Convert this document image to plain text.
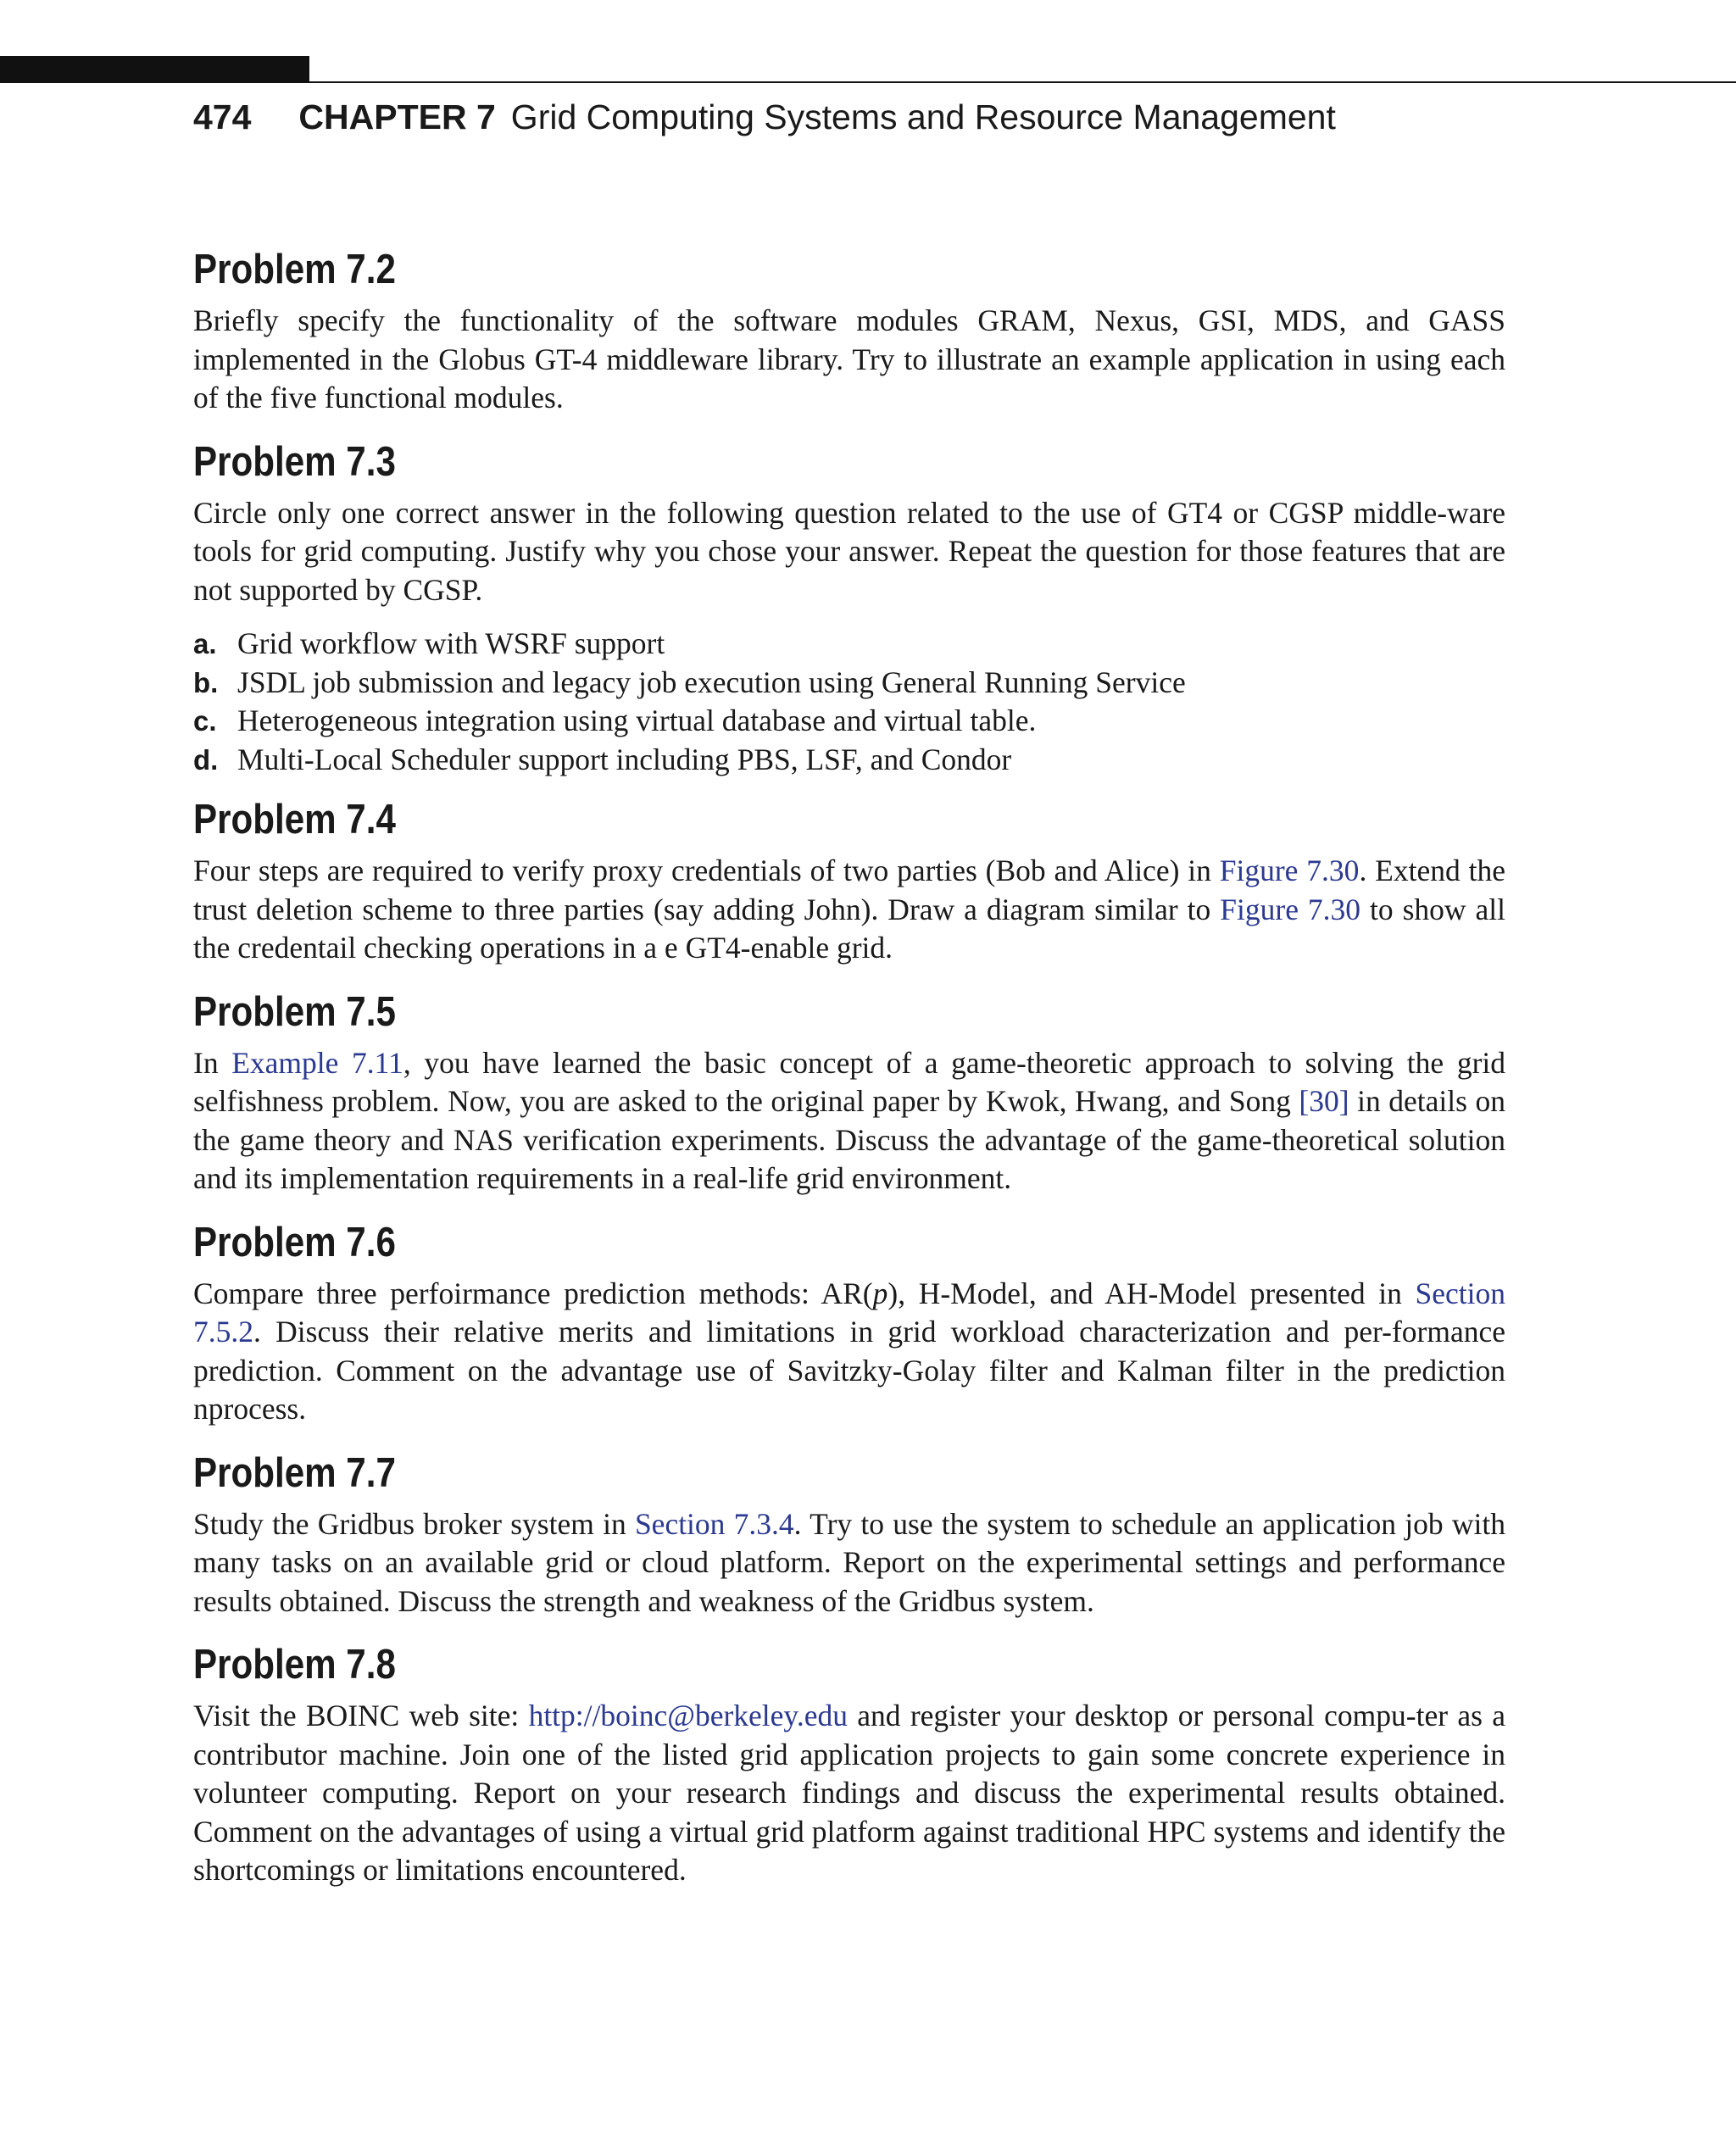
474 CHAPTER 7 Grid Computing Systems and Resource Management
Problem 7.2

Briefly specify the functionality of the software modules GRAM, Nexus, GSI, MDS, and GASS implemented in the Globus GT-4 middleware library. Try to illustrate an example application in using each of the five functional modules.

Problem 7.3

Circle only one correct answer in the following question related to the use of GT4 or CGSP middle-ware tools for grid computing. Justify why you chose your answer. Repeat the question for those features that are not supported by CGSP.

a. Grid workflow with WSRF support
b. JSDL job submission and legacy job execution using General Running Service
c. Heterogeneous integration using virtual database and virtual table.
d. Multi-Local Scheduler support including PBS, LSF, and Condor
Problem 7.4

Four steps are required to verify proxy credentials of two parties (Bob and Alice) in Figure 7.30. Extend the trust deletion scheme to three parties (say adding John). Draw a diagram similar to Figure 7.30 to show all the credentail checking operations in a e GT4-enable grid.

Problem 7.5

In Example 7.11, you have learned the basic concept of a game-theoretic approach to solving the grid selfishness problem. Now, you are asked to the original paper by Kwok, Hwang, and Song [30] in details on the game theory and NAS verification experiments. Discuss the advantage of the game-theoretical solution and its implementation requirements in a real-life grid environment.

Problem 7.6

Compare three perfoirmance prediction methods: AR(p), H-Model, and AH-Model presented in Section 7.5.2. Discuss their relative merits and limitations in grid workload characterization and per-formance prediction. Comment on the advantage use of Savitzky-Golay filter and Kalman filter in the prediction nprocess.

Problem 7.7

Study the Gridbus broker system in Section 7.3.4. Try to use the system to schedule an application job with many tasks on an available grid or cloud platform. Report on the experimental settings and performance results obtained. Discuss the strength and weakness of the Gridbus system.

Problem 7.8

Visit the BOINC web site: http://boinc@berkeley.edu and register your desktop or personal compu-ter as a contributor machine. Join one of the listed grid application projects to gain some concrete experience in volunteer computing. Report on your research findings and discuss the experimental results obtained. Comment on the advantages of using a virtual grid platform against traditional HPC systems and identify the shortcomings or limitations encountered.
